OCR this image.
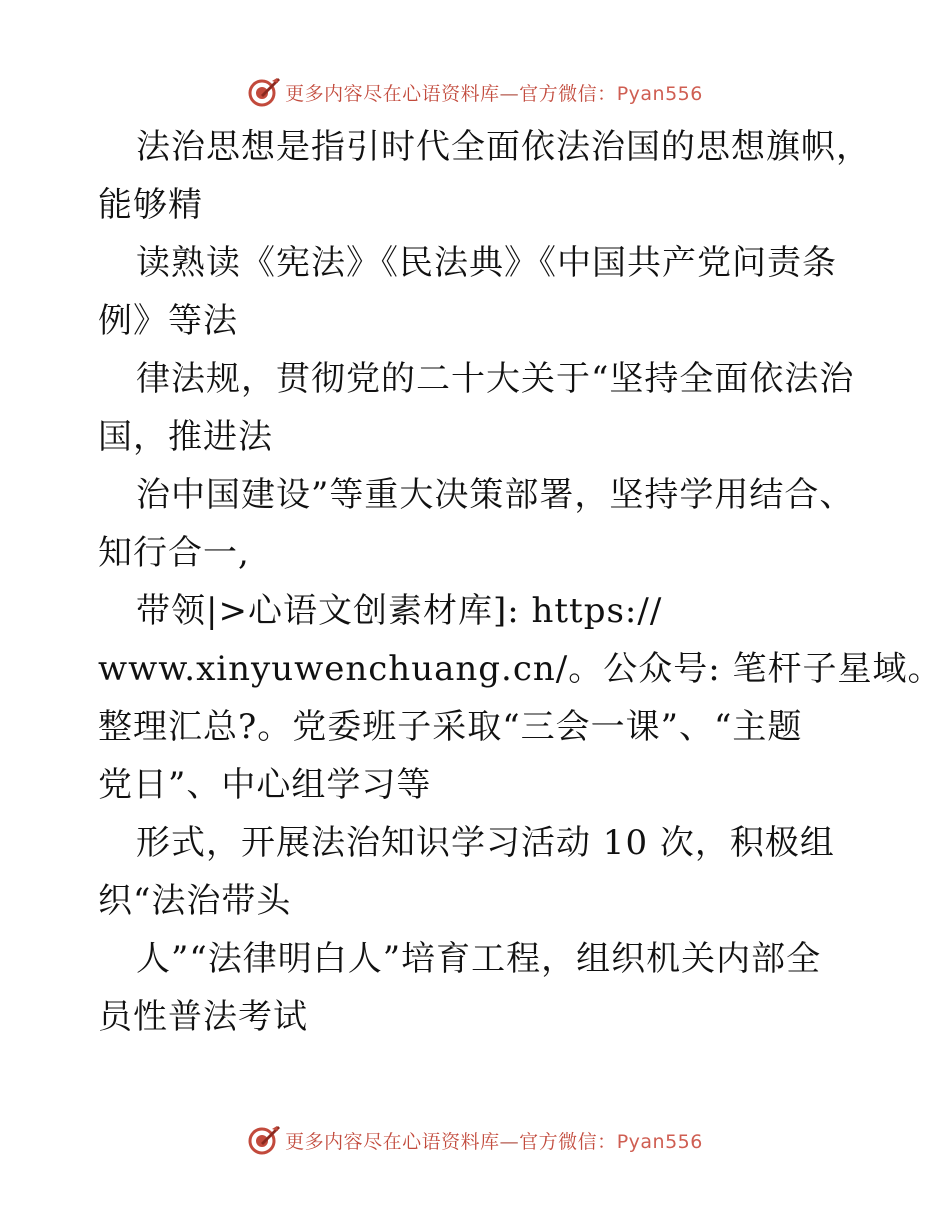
更多内容尽在心语资料库—官方微信：Pyan556
法治思想是指引时代全面依法治国的思想旗帜，
能够精
读熟读《宪法》《民法典》《中国共产党问责条
例》等法
律法规，贯彻党的二十大关于“坚持全面依法治
国，推进法
治中国建设”等重大决策部署，坚持学用结合、
知行合一,
带领|>心语文创素材库]: https://
www.xinyuwenchuang.cn/。公众号: 笔杆子星域。
整理汇总?。党委班子采取“三会一课”、“主题
党日”、中心组学习等
形式，开展法治知识学习活动 10 次，积极组
织“法治带头
人”“法律明白人”培育工程，组织机关内部全
员性普法考试
更多内容尽在心语资料库—官方微信：Pyan556
